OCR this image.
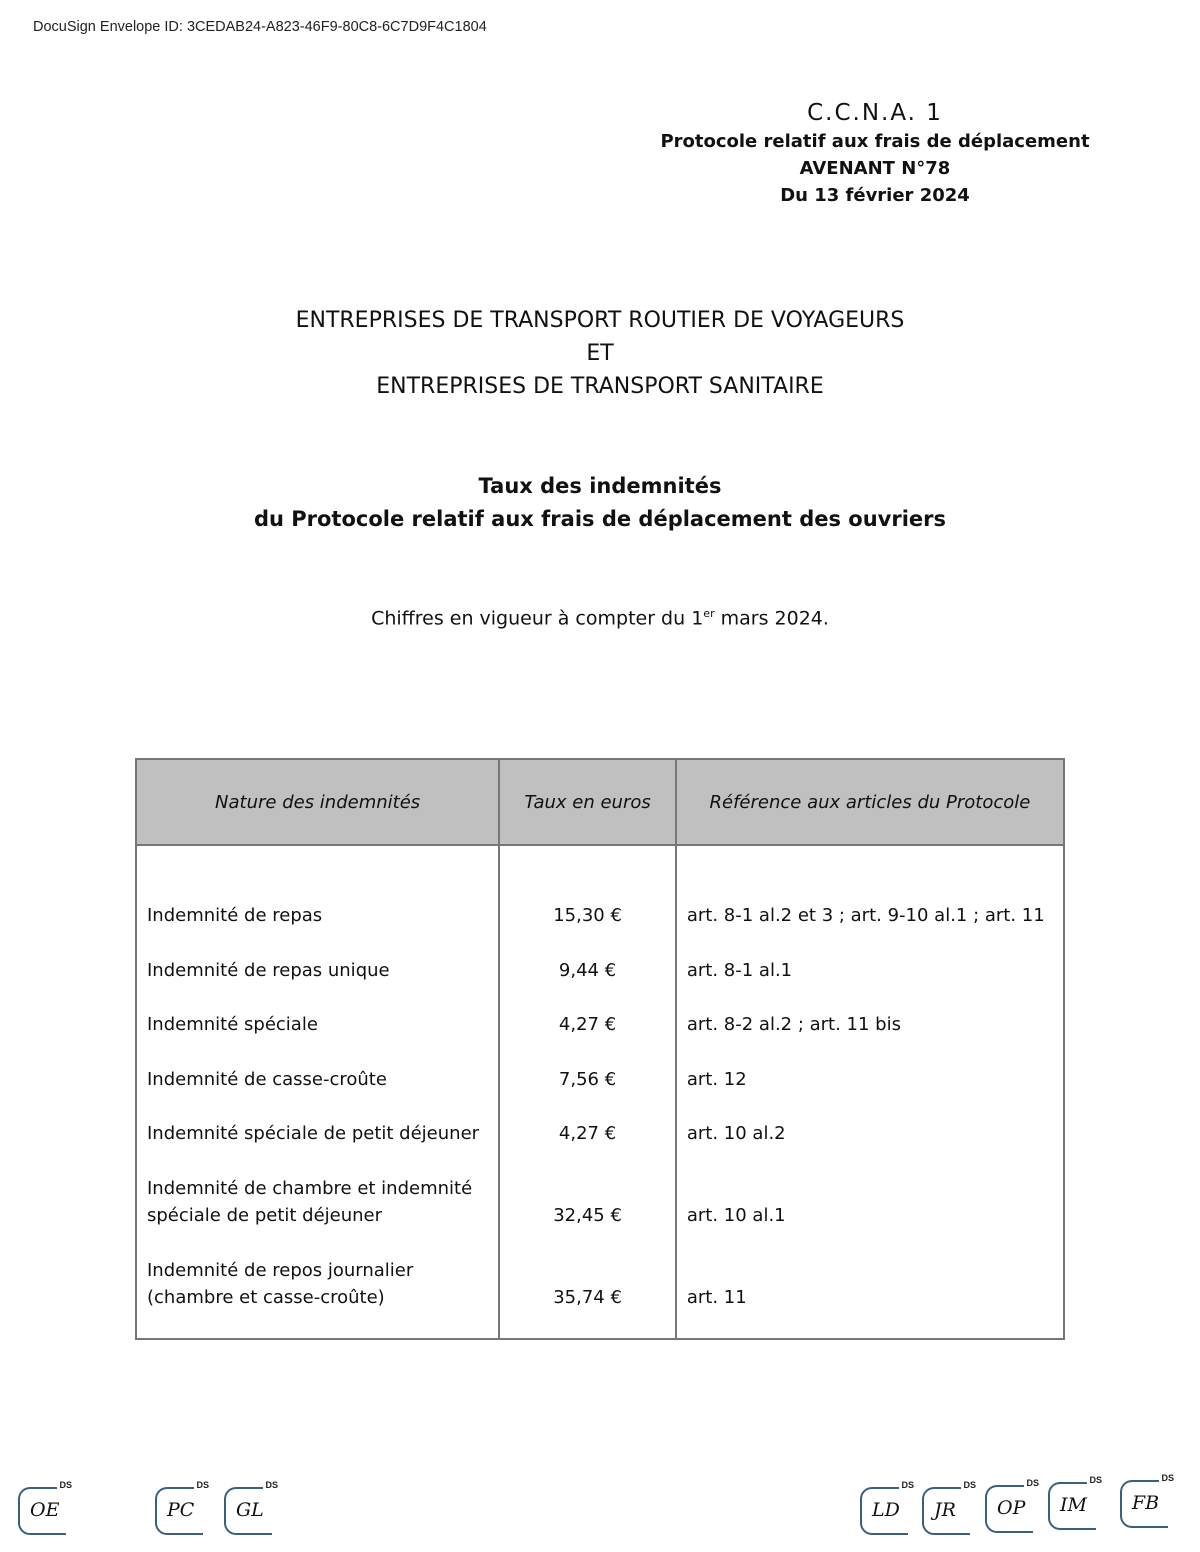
DocuSign Envelope ID: 3CEDAB24-A823-46F9-80C8-6C7D9F4C1804
C.C.N.A. 1
Protocole relatif aux frais de déplacement
AVENANT N°78
Du 13 février 2024
ENTREPRISES DE TRANSPORT ROUTIER DE VOYAGEURS
ET
ENTREPRISES DE TRANSPORT SANITAIRE
Taux des indemnités
du Protocole relatif aux frais de déplacement des ouvriers
Chiffres en vigueur à compter du 1er mars 2024.
Nature des indemnités	Taux en euros	Référence aux articles du Protocole
Indemnité de repas	15,30 €	art. 8-1 al.2 et 3 ; art. 9-10 al.1 ; art. 11
Indemnité de repas unique	9,44 €	art. 8-1 al.1
Indemnité spéciale	4,27 €	art. 8-2 al.2 ; art. 11 bis
Indemnité de casse-croûte	7,56 €	art. 12
Indemnité spéciale de petit déjeuner	4,27 €	art. 10 al.2

Indemnité de chambre et indemnité
spéciale de petit déjeuner	32,45 €	art. 10 al.1

Indemnité de repos journalier
(chambre et casse-croûte)	35,74 €	art. 11
DS
OE
DS
PC
DS
GL
DS
LD
DS
JR
DS
OP
DS
IM
DS
FB
